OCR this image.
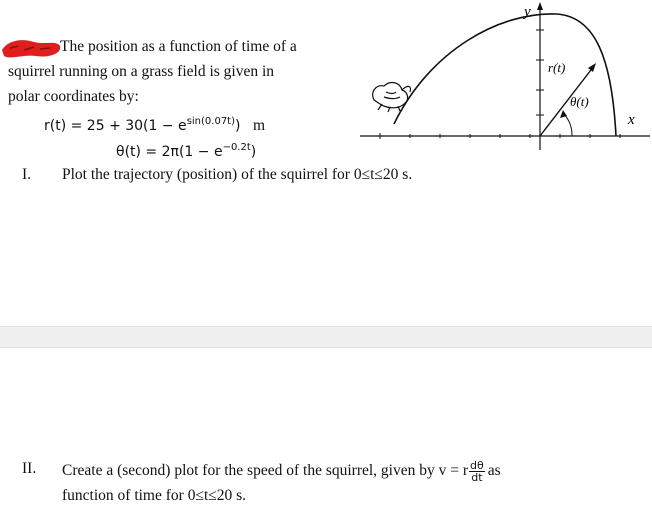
The position as a function of time of a
squirrel running on a grass field is given in
polar coordinates by:
$r(t) = 25 + 30(1 - e^{sin(0.07t)})$ m
$\theta(t) = 2\pi(1 - e^{-0.2t})$
y
x
r(t)
θ(t)
I. Plot the trajectory (position) of the squirrel for 0≤t≤20 s.
II. Create a (second) plot for the speed of the squirrel, given by v = r $\frac{d\theta}{dt}$ as
function of time for 0≤t≤20 s.
